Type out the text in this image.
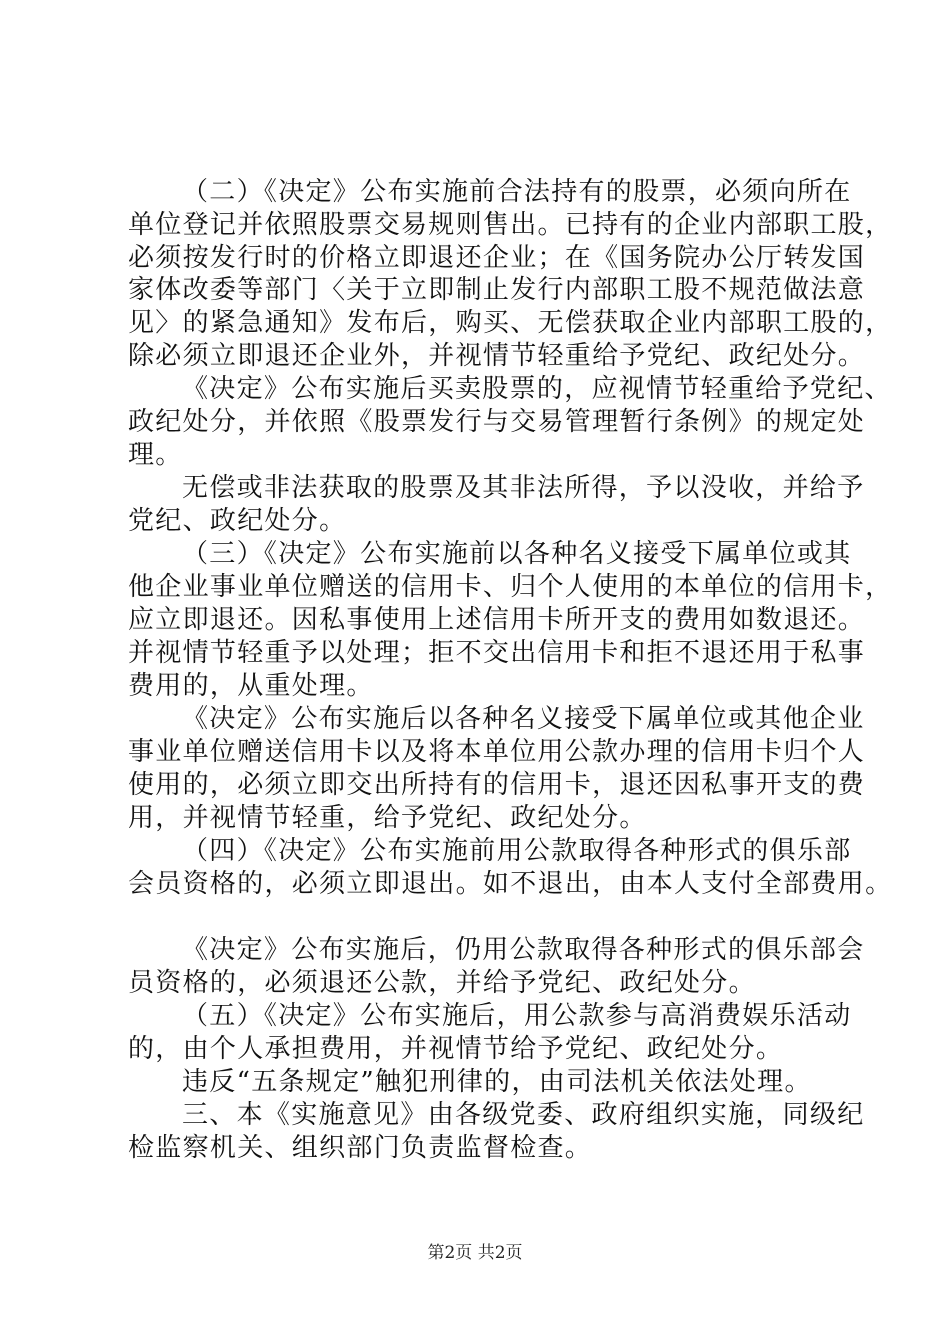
（二）《决定》公布实施前合法持有的股票，必须向所在
单位登记并依照股票交易规则售出。已持有的企业内部职工股，
必须按发行时的价格立即退还企业；在《国务院办公厅转发国
家体改委等部门〈关于立即制止发行内部职工股不规范做法意
见〉的紧急通知》发布后，购买、无偿获取企业内部职工股的，
除必须立即退还企业外，并视情节轻重给予党纪、政纪处分。
《决定》公布实施后买卖股票的，应视情节轻重给予党纪、
政纪处分，并依照《股票发行与交易管理暂行条例》的规定处
理。
无偿或非法获取的股票及其非法所得，予以没收，并给予
党纪、政纪处分。
（三）《决定》公布实施前以各种名义接受下属单位或其
他企业事业单位赠送的信用卡、归个人使用的本单位的信用卡，
应立即退还。因私事使用上述信用卡所开支的费用如数退还。
并视情节轻重予以处理；拒不交出信用卡和拒不退还用于私事
费用的，从重处理。
《决定》公布实施后以各种名义接受下属单位或其他企业
事业单位赠送信用卡以及将本单位用公款办理的信用卡归个人
使用的，必须立即交出所持有的信用卡，退还因私事开支的费
用，并视情节轻重，给予党纪、政纪处分。
（四）《决定》公布实施前用公款取得各种形式的俱乐部
会员资格的，必须立即退出。如不退出，由本人支付全部费用。
《决定》公布实施后，仍用公款取得各种形式的俱乐部会
员资格的，必须退还公款，并给予党纪、政纪处分。
（五）《决定》公布实施后，用公款参与高消费娱乐活动
的，由个人承担费用，并视情节给予党纪、政纪处分。
违反“五条规定”触犯刑律的，由司法机关依法处理。
三、本《实施意见》由各级党委、政府组织实施，同级纪
检监察机关、组织部门负责监督检查。
第2页 共2页
